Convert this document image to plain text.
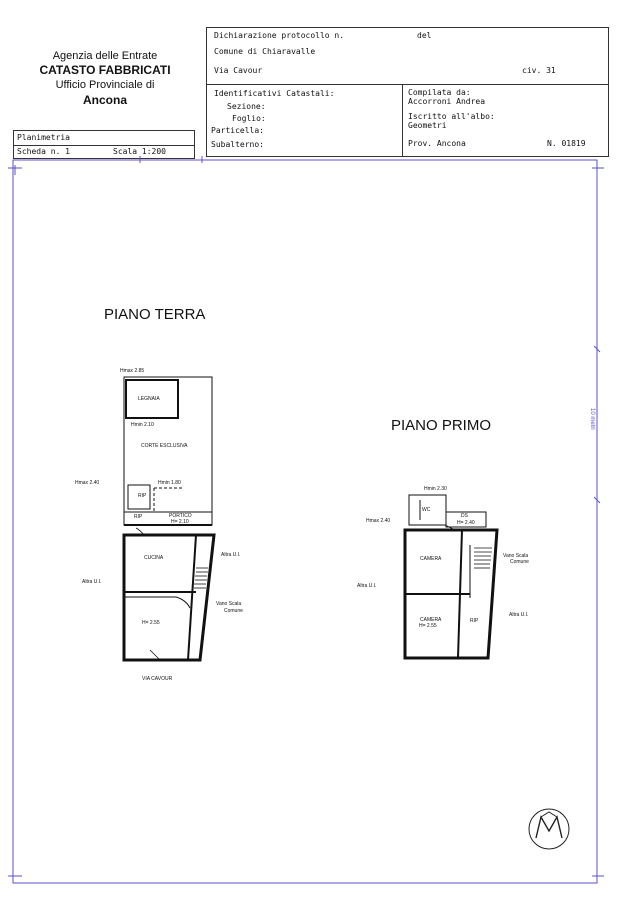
Agenzia delle Entrate
CATASTO FABBRICATI
Ufficio Provinciale di
Ancona
Planimetria
Scheda n. 1	Scala 1:200
Dichiarazione protocollo n.	del
Comune di Chiaravalle
Via Cavour	civ. 31
Identificativi Catastali:
Sezione:
Foglio:
Particella:
Subalterno:
Compilata da:
Accorroni Andrea
Iscritto all'albo:
Geometri
Prov. Ancona	N. 01819
PIANO TERRA
PIANO PRIMO	10 metri
Hmax 2.85
LEGNAIA
Hmin 2.10
CORTE ESCLUSIVA
Hmax 2.40	Hmin 1.80
RIP
RIP	PORTICO
H= 2.10
Altra U.I.
CUCINA
Altra U.I.
H= 2.55
Vano Scala
Comune
VIA CAVOUR
Hmin 2.30
WC
DS
H= 2.40
Hmax 2.40
CAMERA	Vano Scala
Comune
Altra U.I.
CAMERA
H= 2.55
RIP
Altra U.I.
